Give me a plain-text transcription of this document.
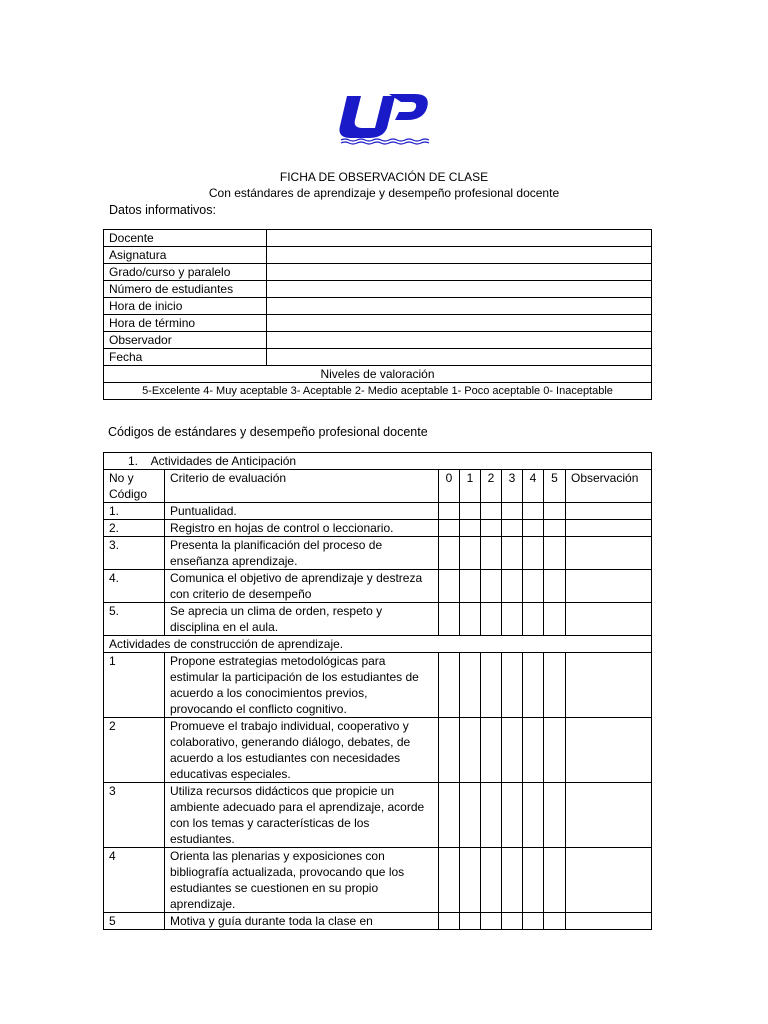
FICHA DE OBSERVACIÓN DE CLASE
Con estándares de aprendizaje y desempeño profesional docente
Datos informativos:
Docente	
Asignatura	
Grado/curso y paralelo	
Número de estudiantes	
Hora de inicio	
Hora de término	
Observador	
Fecha	
Niveles de valoración	
5-Excelente 4- Muy aceptable 3- Aceptable 2- Medio aceptable 1- Poco aceptable 0- Inaceptable	
Códigos de estándares y desempeño profesional docente
1.    Actividades de Anticipación								
No y Código	Criterio de evaluación	0	1	2	3	4	5	Observación
1.	Puntualidad.							
2.	Registro en hojas de control o leccionario.							
3.	Presenta la planificación del proceso de enseñanza aprendizaje.							
4.	Comunica el objetivo de aprendizaje y destreza con criterio de desempeño							
5.	Se aprecia un clima de orden, respeto y disciplina en el aula.							
Actividades de construcción de aprendizaje.								
1	Propone estrategias metodológicas para estimular la participación de los estudiantes de acuerdo a los conocimientos previos, provocando el conflicto cognitivo.							
2	Promueve el trabajo individual, cooperativo y colaborativo, generando diálogo, debates, de acuerdo a los estudiantes con necesidades educativas especiales.							
3	Utiliza recursos didácticos que propicie un ambiente adecuado para el aprendizaje, acorde con los temas y características de los estudiantes.							
4	Orienta las plenarias y exposiciones con bibliografía actualizada, provocando que los estudiantes se cuestionen en su propio aprendizaje.							
5	Motiva y guía durante toda la clase en							
